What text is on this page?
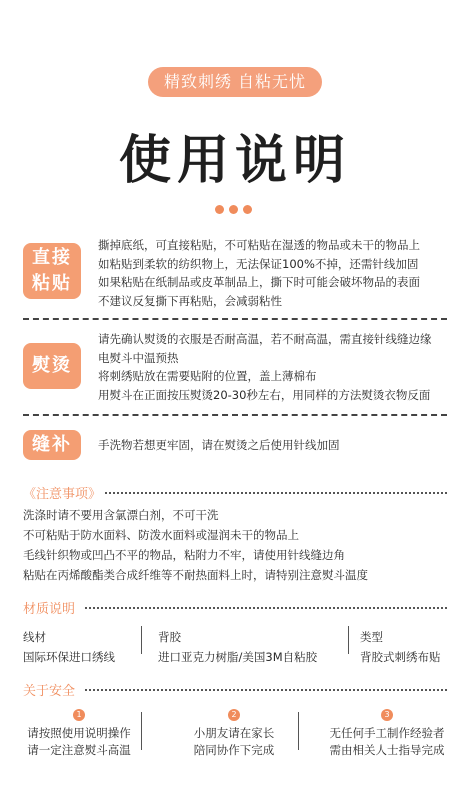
精致刺绣 自粘无忧
使用说明
直接
粘贴
撕掉底纸，可直接粘贴，不可粘贴在湿透的物品或未干的物品上
如粘贴到柔软的纺织物上，无法保证100%不掉，还需针线加固
如果粘贴在纸制品或皮革制品上，撕下时可能会破坏物品的表面
不建议反复撕下再粘贴，会减弱粘性
熨烫
请先确认熨烫的衣服是否耐高温，若不耐高温，需直接针线缝边缘
电熨斗中温预热
将刺绣贴放在需要贴附的位置，盖上薄棉布
用熨斗在正面按压熨烫20-30秒左右，用同样的方法熨烫衣物反面
缝补 手洗物若想更牢固，请在熨烫之后使用针线加固
《注意事项》
洗涤时请不要用含氯漂白剂，不可干洗
不可粘贴于防水面料、防泼水面料或湿润未干的物品上
毛线针织物或凹凸不平的物品，粘附力不牢，请使用针线缝边角
粘贴在丙烯酸酯类合成纤维等不耐热面料上时，请特别注意熨斗温度
材质说明
线材
国际环保进口绣线
背胶
进口亚克力树脂/美国3M自粘胶
类型
背胶式刺绣布贴
关于安全
1
请按照使用说明操作
请一定注意熨斗高温
2
小朋友请在家长
陪同协作下完成
3
无任何手工制作经验者
需由相关人士指导完成
